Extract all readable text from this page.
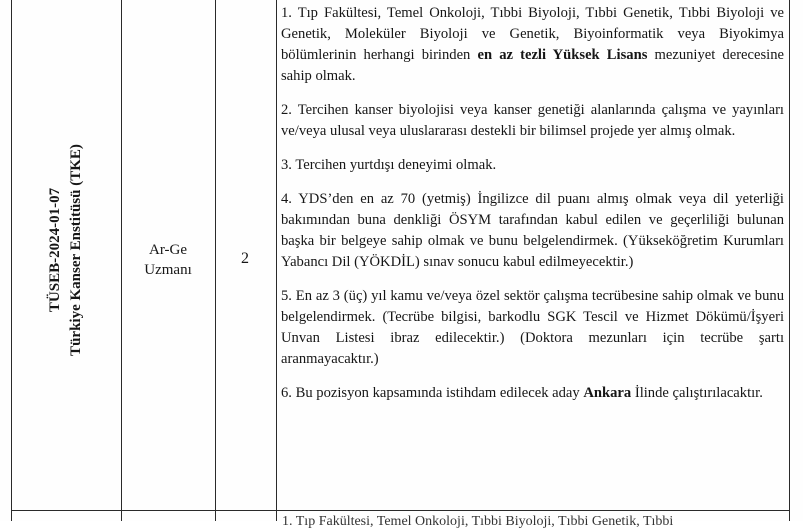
TÜSEB-2024-01-07 Türkiye Kanser Enstitüsü (TKE)	Ar-Ge
Uzmanı
2

1. Tıp Fakültesi, Temel Onkoloji, Tıbbi Biyoloji, Tıbbi Genetik, Tıbbi Biyoloji ve Genetik, Moleküler Biyoloji ve Genetik, Biyoinformatik veya Biyokimya bölümlerinin herhangi birinden en az tezli Yüksek Lisans mezuniyet derecesine sahip olmak.

2. Tercihen kanser biyolojisi veya kanser genetiği alanlarında çalışma ve yayınları ve/veya ulusal veya uluslararası destekli bir bilimsel projede yer almış olmak.

3. Tercihen yurtdışı deneyimi olmak.

4. YDS’den en az 70 (yetmiş) İngilizce dil puanı almış olmak veya dil yeterliği bakımından buna denkliği ÖSYM tarafından kabul edilen ve geçerliliği bulunan başka bir belgeye sahip olmak ve bunu belgelendirmek. (Yükseköğretim Kurumları Yabancı Dil (YÖKDİL) sınav sonucu kabul edilmeyecektir.)

5. En az 3 (üç) yıl kamu ve/veya özel sektör çalışma tecrübesine sahip olmak ve bunu belgelendirmek. (Tecrübe bilgisi, barkodlu SGK Tescil ve Hizmet Dökümü/İşyeri Unvan Listesi ibraz edilecektir.) (Doktora mezunları için tecrübe şartı aranmayacaktır.)

6. Bu pozisyon kapsamında istihdam edilecek aday Ankara İlinde çalıştırılacaktır.

1. Tıp Fakültesi, Temel Onkoloji, Tıbbi Biyoloji, Tıbbi Genetik, Tıbbi
